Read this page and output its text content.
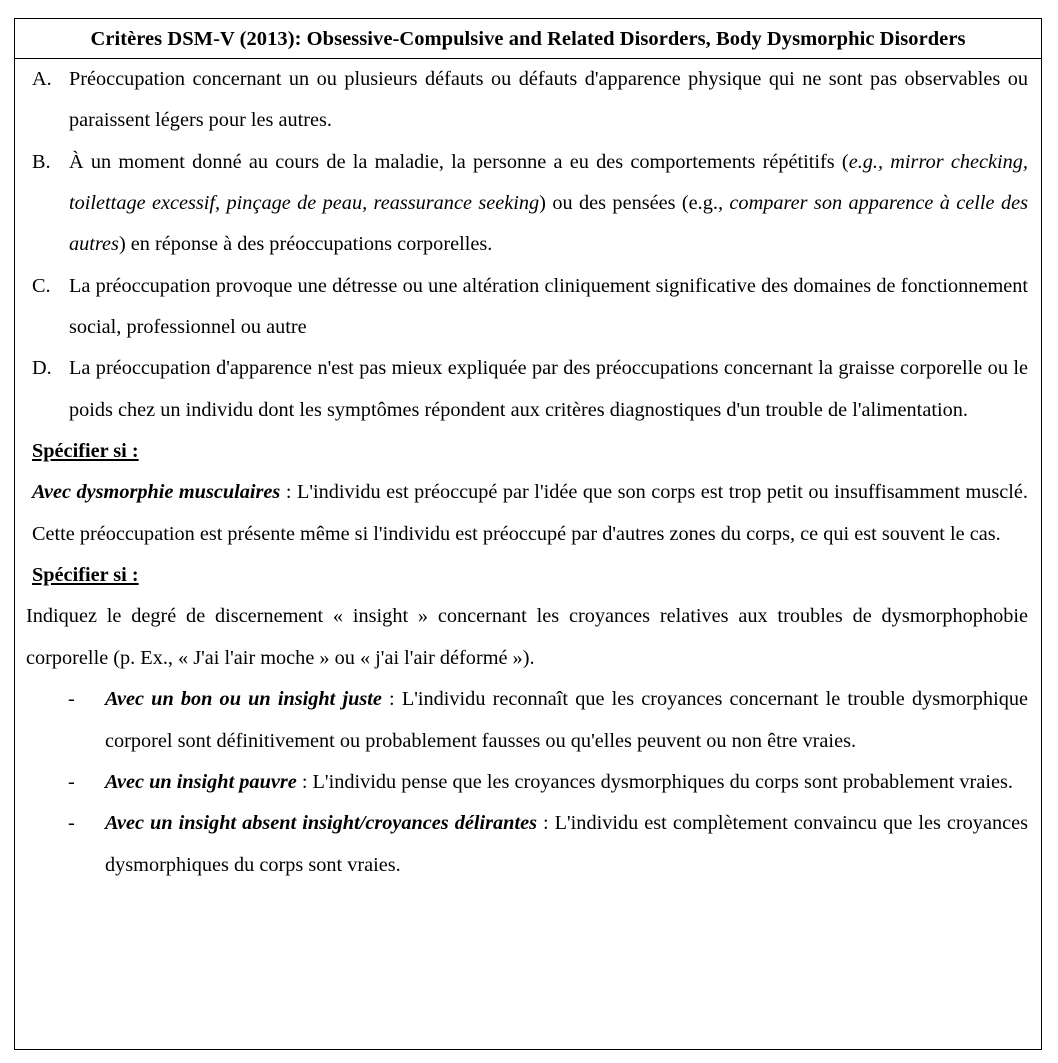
Critères DSM-V (2013): Obsessive-Compulsive and Related Disorders, Body Dysmorphic Disorders
A. Préoccupation concernant un ou plusieurs défauts ou défauts d'apparence physique qui ne sont pas observables ou paraissent légers pour les autres.
B. À un moment donné au cours de la maladie, la personne a eu des comportements répétitifs (e.g., mirror checking, toilettage excessif, pinçage de peau, reassurance seeking) ou des pensées (e.g., comparer son apparence à celle des autres) en réponse à des préoccupations corporelles.
C. La préoccupation provoque une détresse ou une altération cliniquement significative des domaines de fonctionnement social, professionnel ou autre
D. La préoccupation d'apparence n'est pas mieux expliquée par des préoccupations concernant la graisse corporelle ou le poids chez un individu dont les symptômes répondent aux critères diagnostiques d'un trouble de l'alimentation.
Spécifier si :
Avec dysmorphie musculaires : L'individu est préoccupé par l'idée que son corps est trop petit ou insuffisamment musclé. Cette préoccupation est présente même si l'individu est préoccupé par d'autres zones du corps, ce qui est souvent le cas.
Spécifier si :
Indiquez le degré de discernement « insight » concernant les croyances relatives aux troubles de dysmorphophobie corporelle (p. Ex., « J'ai l'air moche » ou « j'ai l'air déformé »).
-	Avec un bon ou un insight juste : L'individu reconnaît que les croyances concernant le trouble dysmorphique corporel sont définitivement ou probablement fausses ou qu'elles peuvent ou non être vraies.
-	Avec un insight pauvre : L'individu pense que les croyances dysmorphiques du corps sont probablement vraies.
-	Avec un insight absent insight/croyances délirantes : L'individu est complètement convaincu que les croyances dysmorphiques du corps sont vraies.
